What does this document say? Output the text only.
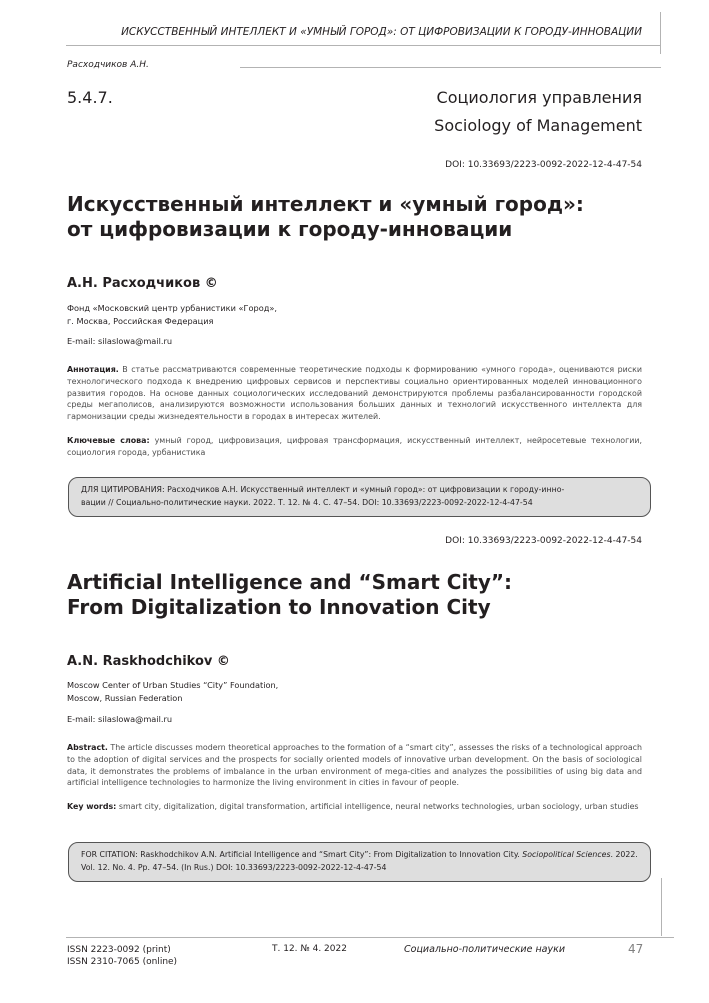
ИСКУССТВЕННЫЙ ИНТЕЛЛЕКТ И «УМНЫЙ ГОРОД»: ОТ ЦИФРОВИЗАЦИИ К ГОРОДУ-ИННОВАЦИИ
Расходчиков А.Н.
5.4.7.	Социология управления
Sociology of Management
DOI: 10.33693/2223-0092-2022-12-4-47-54
Искусственный интеллект и «умный город»:
от цифровизации к городу-инновации
А.Н. Расходчиков ©
Фонд «Московский центр урбанистики «Город»,
г. Москва, Российская Федерация
E-mail: silaslowa@mail.ru
Аннотация. В статье рассматриваются современные теоретические подходы к формированию «умного города», оцениваются риски технологического подхода к внедрению цифровых сервисов и перспективы социально ориентированных моделей инновационного развития городов. На основе данных социологических исследований демонстрируются проблемы разбалансированности городской среды мегаполисов, анализируются возможности использования больших данных и технологий искусственного интеллекта для гармонизации среды жизнедеятельности в городах в интересах жителей.
Ключевые слова: умный город, цифровизация, цифровая трансформация, искусственный интеллект, нейросетевые технологии, социология города, урбанистика
ДЛЯ ЦИТИРОВАНИЯ: Расходчиков А.Н. Искусственный интеллект и «умный город»: от цифровизации к городу-инно-
вации // Социально-политические науки. 2022. Т. 12. № 4. С. 47–54. DOI: 10.33693/2223-0092-2022-12-4-47-54
DOI: 10.33693/2223-0092-2022-12-4-47-54
Artificial Intelligence and “Smart City”:
From Digitalization to Innovation City
A.N. Raskhodchikov ©
Moscow Center of Urban Studies “City” Foundation,
Moscow, Russian Federation
E-mail: silaslowa@mail.ru
Abstract. The article discusses modern theoretical approaches to the formation of a “smart city”, assesses the risks of a technological approach to the adoption of digital services and the prospects for socially oriented models of innovative urban development. On the basis of sociological data, it demonstrates the problems of imbalance in the urban environment of mega-cities and analyzes the possibilities of using big data and artificial intelligence technologies to harmonize the living environment in cities in favour of people.
Key words: smart city, digitalization, digital transformation, artificial intelligence, neural networks technologies, urban sociology, urban studies
FOR CITATION: Raskhodchikov A.N. Artificial Intelligence and “Smart City”: From Digitalization to Innovation City. Sociopolitical Sciences. 2022. Vol. 12. No. 4. Pp. 47–54. (In Rus.) DOI: 10.33693/2223-0092-2022-12-4-47-54
ISSN 2223-0092 (print)
ISSN 2310-7065 (online)
Т. 12. № 4. 2022	Социально-политические науки	47
